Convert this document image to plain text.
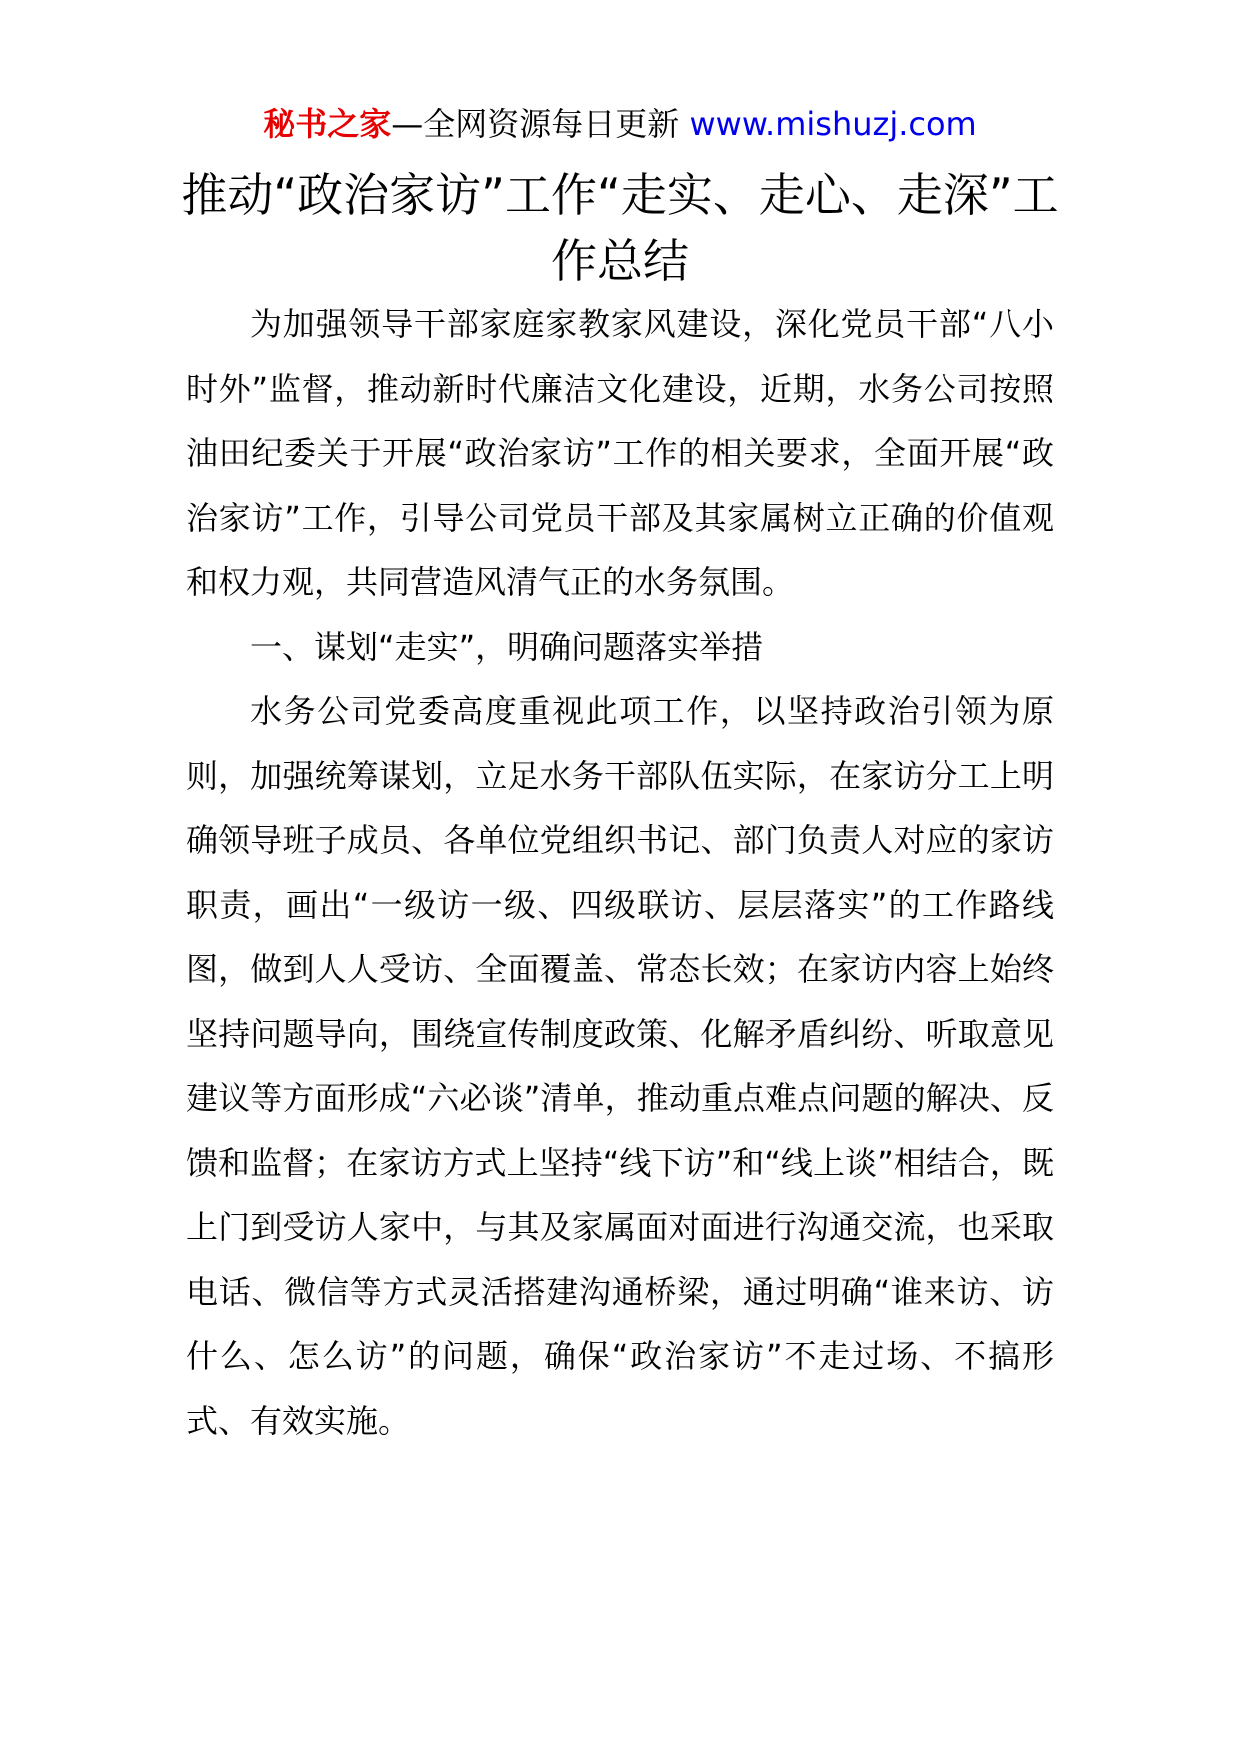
秘书之家—全网资源每日更新 www.mishuzj.com
推动“政治家访”工作“走实、走心、走深”工作总结

为加强领导干部家庭家教家风建设，深化党员干部“八小时外”监督，推动新时代廉洁文化建设，近期，水务公司按照油田纪委关于开展“政治家访”工作的相关要求，全面开展“政治家访”工作，引导公司党员干部及其家属树立正确的价值观和权力观，共同营造风清气正的水务氛围。

一、谋划“走实”，明确问题落实举措

水务公司党委高度重视此项工作，以坚持政治引领为原则，加强统筹谋划，立足水务干部队伍实际，在家访分工上明确领导班子成员、各单位党组织书记、部门负责人对应的家访职责，画出“一级访一级、四级联访、层层落实”的工作路线图，做到人人受访、全面覆盖、常态长效；在家访内容上始终坚持问题导向，围绕宣传制度政策、化解矛盾纠纷、听取意见建议等方面形成“六必谈”清单，推动重点难点问题的解决、反馈和监督；在家访方式上坚持“线下访”和“线上谈”相结合，既上门到受访人家中，与其及家属面对面进行沟通交流，也采取电话、微信等方式灵活搭建沟通桥梁，通过明确“谁来访、访什么、怎么访”的问题，确保“政治家访”不走过场、不搞形式、有效实施。
